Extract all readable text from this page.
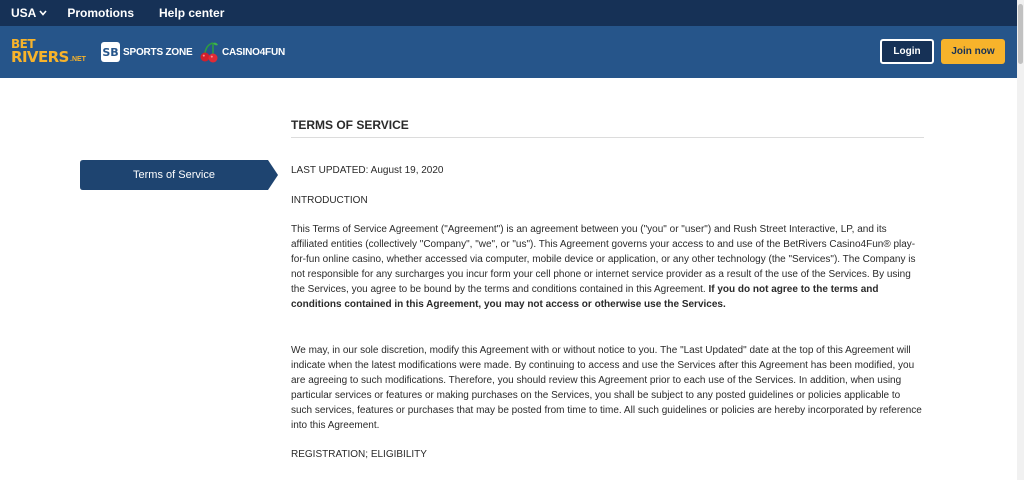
USA	Promotions Help center
BET
RIVERS .NET
SB SPORTS ZONE	CASINO4FUN	Login	Join now
Terms of Service
TERMS OF SERVICE
LAST UPDATED: August 19, 2020
INTRODUCTION
This Terms of Service Agreement ("Agreement") is an agreement between you ("you" or "user") and Rush Street Interactive, LP, and its affiliated entities (collectively "Company", "we", or "us"). This Agreement governs your access to and use of the BetRivers Casino4Fun® play-for-fun online casino, whether accessed via computer, mobile device or application, or any other technology (the "Services"). The Company is not responsible for any surcharges you incur form your cell phone or internet service provider as a result of the use of the Services. By using the Services, you agree to be bound by the terms and conditions contained in this Agreement. If you do not agree to the terms and conditions contained in this Agreement, you may not access or otherwise use the Services.
We may, in our sole discretion, modify this Agreement with or without notice to you. The "Last Updated" date at the top of this Agreement will indicate when the latest modifications were made. By continuing to access and use the Services after this Agreement has been modified, you are agreeing to such modifications. Therefore, you should review this Agreement prior to each use of the Services. In addition, when using particular services or features or making purchases on the Services, you shall be subject to any posted guidelines or policies applicable to such services, features or purchases that may be posted from time to time. All such guidelines or policies are hereby incorporated by reference into this Agreement.
REGISTRATION; ELIGIBILITY
